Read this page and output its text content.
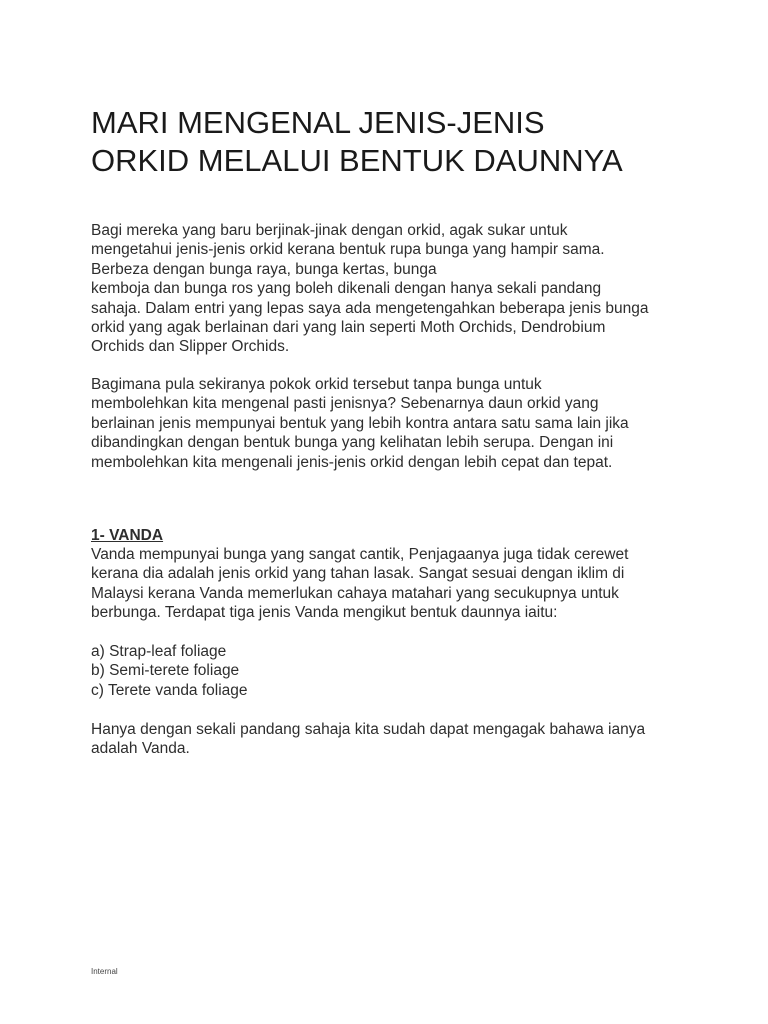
MARI MENGENAL JENIS-JENIS
ORKID MELALUI BENTUK DAUNNYA

Bagi mereka yang baru berjinak-jinak dengan orkid, agak sukar untuk
mengetahui jenis-jenis orkid kerana bentuk rupa bunga yang hampir sama.
Berbeza dengan bunga raya, bunga kertas, bunga
kemboja dan bunga ros yang boleh dikenali dengan hanya sekali pandang
sahaja. Dalam entri yang lepas saya ada mengetengahkan beberapa jenis bunga
orkid yang agak berlainan dari yang lain seperti Moth Orchids, Dendrobium
Orchids dan Slipper Orchids.

Bagimana pula sekiranya pokok orkid tersebut tanpa bunga untuk
membolehkan kita mengenal pasti jenisnya? Sebenarnya daun orkid yang
berlainan jenis mempunyai bentuk yang lebih kontra antara satu sama lain jika
dibandingkan dengan bentuk bunga yang kelihatan lebih serupa. Dengan ini
membolehkan kita mengenali jenis-jenis orkid dengan lebih cepat dan tepat.

1- VANDA

Vanda mempunyai bunga yang sangat cantik, Penjagaanya juga tidak cerewet
kerana dia adalah jenis orkid yang tahan lasak. Sangat sesuai dengan iklim di
Malaysi kerana Vanda memerlukan cahaya matahari yang secukupnya untuk
berbunga. Terdapat tiga jenis Vanda mengikut bentuk daunnya iaitu:

a) Strap-leaf foliage
b) Semi-terete foliage
c) Terete vanda foliage

Hanya dengan sekali pandang sahaja kita sudah dapat mengagak bahawa ianya
adalah Vanda.

Internal
